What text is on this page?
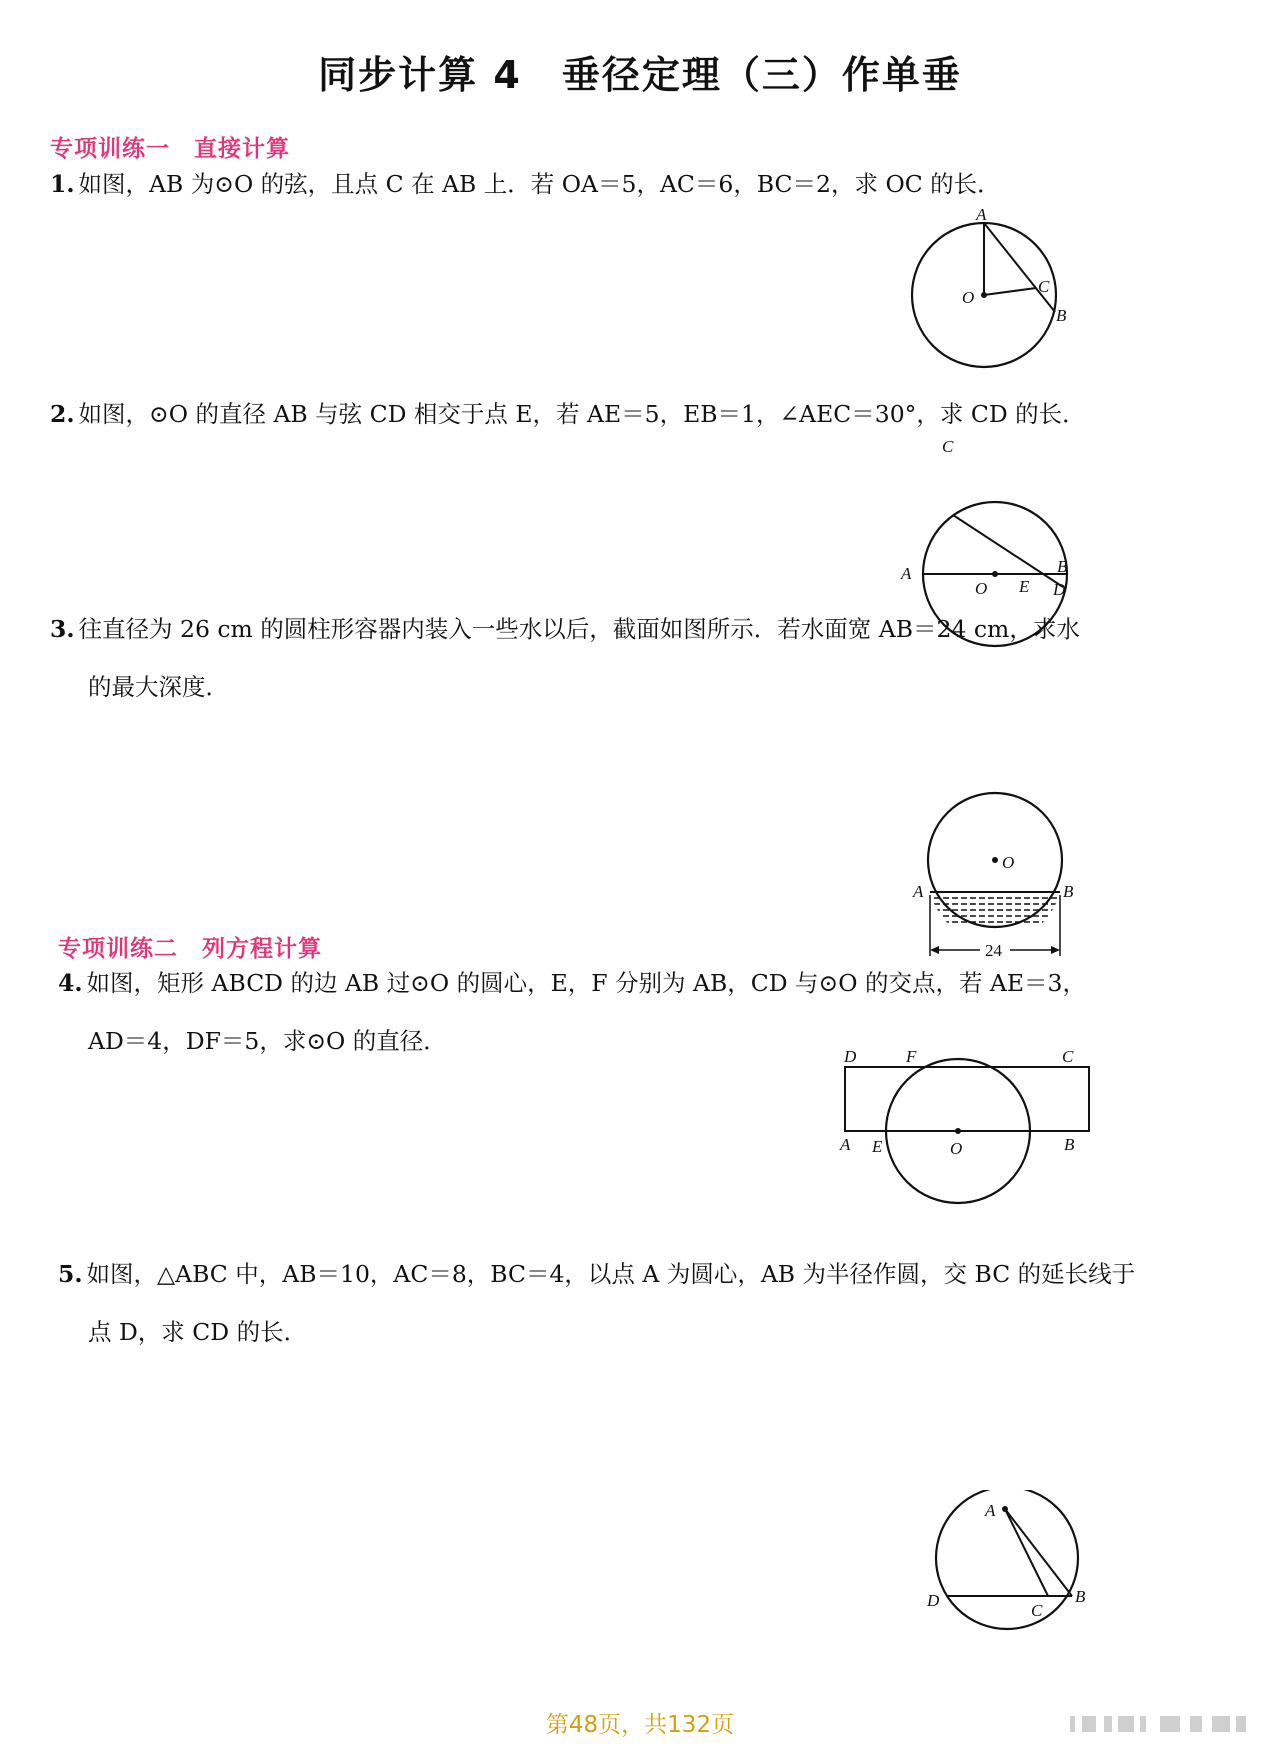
同步计算 4　垂径定理（三）作单垂
专项训练一　直接计算
1. 如图，AB 为⊙O 的弦，且点 C 在 AB 上．若 OA＝5，AC＝6，BC＝2，求 OC 的长．
A
O
C
B
2. 如图，⊙O 的直径 AB 与弦 CD 相交于点 E，若 AE＝5，EB＝1，∠AEC＝30°，求 CD 的长．
C
A
O E
B
D
3. 往直径为 26 cm 的圆柱形容器内装入一些水以后，截面如图所示．若水面宽 AB＝24 cm，求水
的最大深度．
O
A	B
24
专项训练二　列方程计算
4. 如图，矩形 ABCD 的边 AB 过⊙O 的圆心，E，F 分别为 AB，CD 与⊙O 的交点，若 AE＝3，
AD＝4，DF＝5，求⊙O 的直径．
D	F	C
A E	O	B
5. 如图，△ABC 中，AB＝10，AC＝8，BC＝4，以点 A 为圆心，AB 为半径作圆，交 BC 的延长线于
点 D，求 CD 的长．
A
D
C
B
第48页，共132页
